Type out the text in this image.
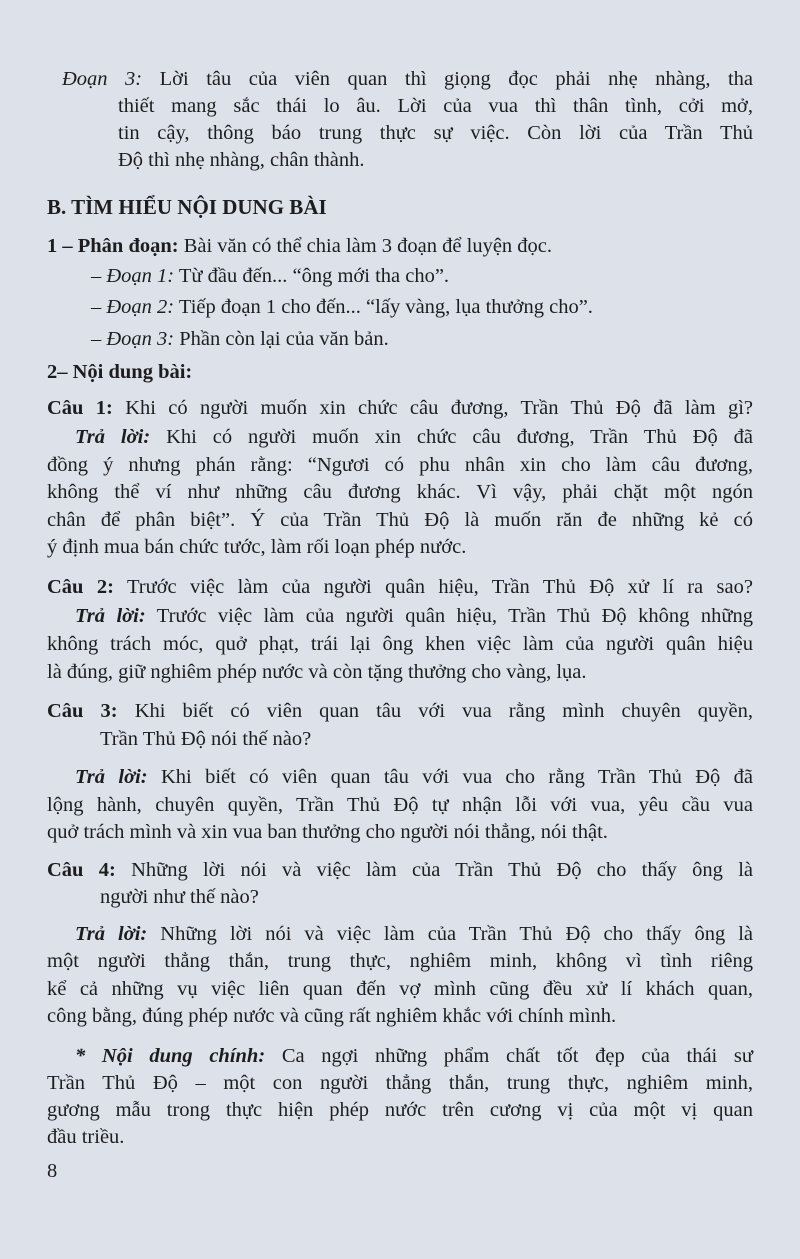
Đoạn 3: Lời tâu của viên quan thì giọng đọc phải nhẹ nhàng, tha
thiết mang sắc thái lo âu. Lời của vua thì thân tình, cởi mở,
tin cậy, thông báo trung thực sự việc. Còn lời của Trần Thủ
Độ thì nhẹ nhàng, chân thành.
B. TÌM HIỂU NỘI DUNG BÀI
1 – Phân đoạn: Bài văn có thể chia làm 3 đoạn để luyện đọc.
– Đoạn 1: Từ đầu đến... “ông mới tha cho”.
– Đoạn 2: Tiếp đoạn 1 cho đến... “lấy vàng, lụa thưởng cho”.
– Đoạn 3: Phần còn lại của văn bản.
2– Nội dung bài:
Câu 1: Khi có người muốn xin chức câu đương, Trần Thủ Độ đã làm gì?
Trả lời: Khi có người muốn xin chức câu đương, Trần Thủ Độ đã
đồng ý nhưng phán rằng: “Ngươi có phu nhân xin cho làm câu đương,
không thể ví như những câu đương khác. Vì vậy, phải chặt một ngón
chân để phân biệt”. Ý của Trần Thủ Độ là muốn răn đe những kẻ có
ý định mua bán chức tước, làm rối loạn phép nước.
Câu 2: Trước việc làm của người quân hiệu, Trần Thủ Độ xử lí ra sao?
Trả lời: Trước việc làm của người quân hiệu, Trần Thủ Độ không những
không trách móc, quở phạt, trái lại ông khen việc làm của người quân hiệu
là đúng, giữ nghiêm phép nước và còn tặng thưởng cho vàng, lụa.
Câu 3: Khi biết có viên quan tâu với vua rằng mình chuyên quyền,
Trần Thủ Độ nói thế nào?
Trả lời: Khi biết có viên quan tâu với vua cho rằng Trần Thủ Độ đã
lộng hành, chuyên quyền, Trần Thủ Độ tự nhận lỗi với vua, yêu cầu vua
quở trách mình và xin vua ban thưởng cho người nói thẳng, nói thật.
Câu 4: Những lời nói và việc làm của Trần Thủ Độ cho thấy ông là
người như thế nào?
Trả lời: Những lời nói và việc làm của Trần Thủ Độ cho thấy ông là
một người thẳng thắn, trung thực, nghiêm minh, không vì tình riêng
kể cả những vụ việc liên quan đến vợ mình cũng đều xử lí khách quan,
công bằng, đúng phép nước và cũng rất nghiêm khắc với chính mình.
* Nội dung chính: Ca ngợi những phẩm chất tốt đẹp của thái sư
Trần Thủ Độ – một con người thẳng thắn, trung thực, nghiêm minh,
gương mẫu trong thực hiện phép nước trên cương vị của một vị quan
đầu triều.
8
